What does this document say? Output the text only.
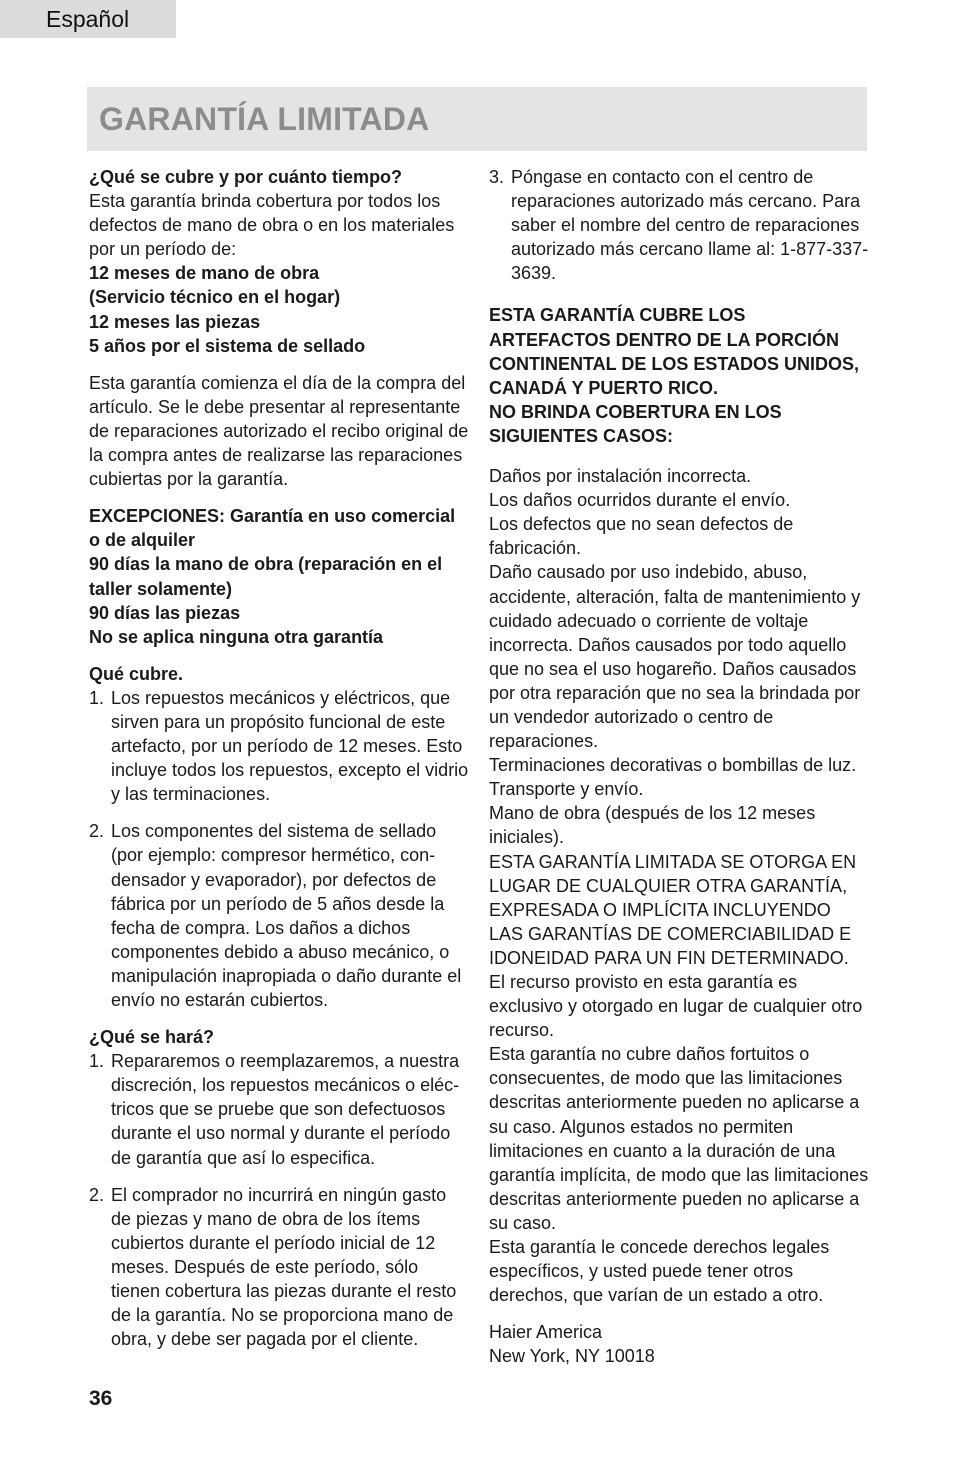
Español
GARANTÍA LIMITADA

¿Qué se cubre y por cuánto tiempo?

Esta garantía brinda cobertura por todos los defectos de mano de obra o en los materiales por un período de:

12 meses de mano de obra

(Servicio técnico en el hogar)

12 meses las piezas

5 años por el sistema de sellado

Esta garantía comienza el día de la compra del artículo. Se le debe presentar al representante de reparaciones autorizado el recibo original de la compra antes de realizarse las reparaciones cubiertas por la garantía.

EXCEPCIONES: Garantía en uso comercial o de alquiler

90 días la mano de obra (reparación en el taller solamente)

90 días las piezas

No se aplica ninguna otra garantía

Qué cubre.

1. Los repuestos mecánicos y eléctricos, que sirven para un propósito funcional de este artefacto, por un período de 12 meses. Esto incluye todos los repuestos, excepto el vidrio y las terminaciones.
2. Los componentes del sistema de sellado (por ejemplo: compresor hermético, condensador y evaporador), por defectos de fábrica por un período de 5 años desde la fecha de compra. Los daños a dichos componentes debido a abuso mecánico, o manipulación inapropiada o daño durante el envío no estarán cubiertos.

¿Qué se hará?

1. Repararemos o reemplazaremos, a nuestra discreción, los repuestos mecánicos o eléctricos que se pruebe que son defectuosos durante el uso normal y durante el período de garantía que así lo especifica.
2. El comprador no incurrirá en ningún gasto de piezas y mano de obra de los ítems cubiertos durante el período inicial de 12 meses. Después de este período, sólo tienen cobertura las piezas durante el resto de la garantía. No se proporciona mano de obra, y debe ser pagada por el cliente.
3. Póngase en contacto con el centro de reparaciones autorizado más cercano. Para saber el nombre del centro de reparaciones autorizado más cercano llame al: 1-877-337-3639.

ESTA GARANTÍA CUBRE LOS ARTEFACTOS DENTRO DE LA PORCIÓN CONTINENTAL DE LOS ESTADOS UNIDOS, CANADÁ Y PUERTO RICO.

NO BRINDA COBERTURA EN LOS SIGUIENTES CASOS:

Daños por instalación incorrecta.

Los daños ocurridos durante el envío.

Los defectos que no sean defectos de fabricación.

Daño causado por uso indebido, abuso, accidente, alteración, falta de mantenimiento y cuidado adecuado o corriente de voltaje incorrecta. Daños causados por todo aquello que no sea el uso hogareño. Daños causados por otra reparación que no sea la brindada por un vendedor autorizado o centro de reparaciones.

Terminaciones decorativas o bombillas de luz.

Transporte y envío.

Mano de obra (después de los 12 meses iniciales).

ESTA GARANTÍA LIMITADA SE OTORGA EN LUGAR DE CUALQUIER OTRA GARANTÍA, EXPRESADA O IMPLÍCITA INCLUYENDO LAS GARANTÍAS DE COMERCIABILIDAD E IDONEIDAD PARA UN FIN DETERMINADO.

El recurso provisto en esta garantía es exclusivo y otorgado en lugar de cualquier otro recurso.

Esta garantía no cubre daños fortuitos o consecuentes, de modo que las limitaciones descritas anteriormente pueden no aplicarse a su caso. Algunos estados no permiten limitaciones en cuanto a la duración de una garantía implícita, de modo que las limitaciones descritas anteriormente pueden no aplicarse a su caso.

Esta garantía le concede derechos legales específicos, y usted puede tener otros derechos, que varían de un estado a otro.

Haier America

New York, NY 10018

36
